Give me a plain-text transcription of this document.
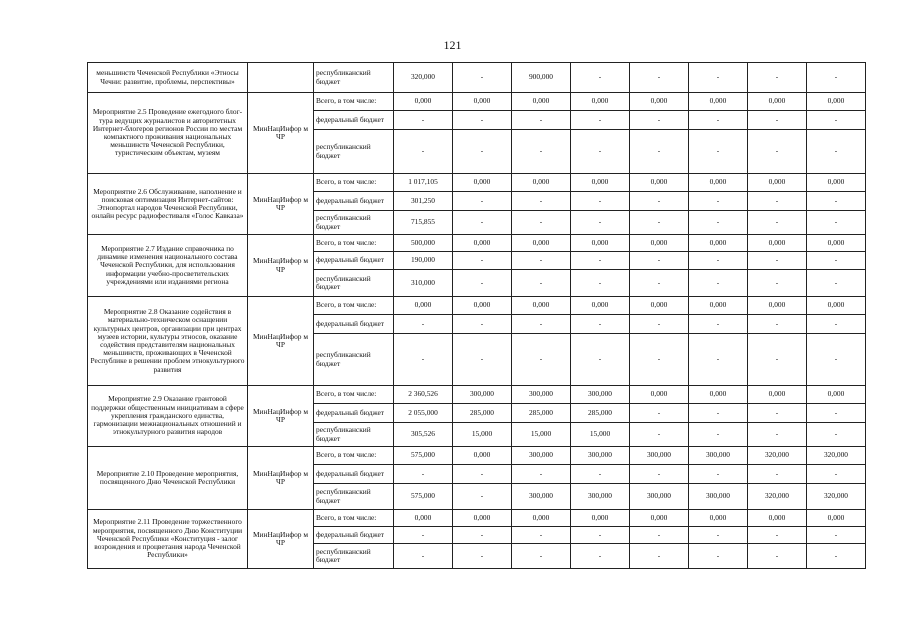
121
меньшинств Чеченской Республики «Этносы Чечни: развитие, проблемы, перспективы»		республиканский бюджет	320,000	-	900,000	-	-	-	-	-
Мероприятие 2.5 Проведение ежегодного блог-тура ведущих журналистов и авторитетных Интернет-блогеров регионов России по местам компактного проживания национальных меньшинств Чеченской Республики, туристическим объектам, музеям	МинНацИнфор м ЧР	Всего, в том числе:	0,000	0,000	0,000	0,000	0,000	0,000	0,000	0,000
		федеральный бюджет	-	-	-	-	-	-	-	-
		республиканский бюджет	-	-	-	-	-	-	-	-
Мероприятие 2.6 Обслуживание, наполнение и поисковая оптимизация Интернет-сайтов: Этнопортал народов Чеченской Республики, онлайн ресурс радиофестиваля «Голос Кавказа»	МинНацИнфор м ЧР	Всего, в том числе:	1 017,105	0,000	0,000	0,000	0,000	0,000	0,000	0,000
		федеральный бюджет	301,250	-	-	-	-	-	-	-
		республиканский бюджет	715,855	-	-	-	-	-	-	-
Мероприятие 2.7 Издание справочника по динамике изменения национального состава Чеченской Республики, для использования информации учебно-просветительских учреждениями или изданиями региона	МинНацИнфор м ЧР	Всего, в том числе:	500,000	0,000	0,000	0,000	0,000	0,000	0,000	0,000
		федеральный бюджет	190,000	-	-	-	-	-	-	-
		республиканский бюджет	310,000	-	-	-	-	-	-	-
Мероприятие 2.8 Оказание содействия в материально-техническом оснащении культурных центров, организации при центрах музеев истории, культуры этносов, оказание содействия представителям национальных меньшинств, проживающих в Чеченской Республике в решении проблем этнокультурного развития	МинНацИнфор м ЧР	Всего, в том числе:	0,000	0,000	0,000	0,000	0,000	0,000	0,000	0,000
		федеральный бюджет	-	-	-	-	-	-	-	-
		республиканский бюджет	-	-	-	-	-	-	-	-
Мероприятие 2.9 Оказание грантовой поддержки общественным инициативам в сфере укрепления гражданского единства, гармонизации межнациональных отношений и этнокультурного развития народов	МинНацИнфор м ЧР	Всего, в том числе:	2 360,526	300,000	300,000	300,000	0,000	0,000	0,000	0,000
		федеральный бюджет	2 055,000	285,000	285,000	285,000	-	-	-	-
		республиканский бюджет	305,526	15,000	15,000	15,000	-	-	-	-
Мероприятие 2.10 Проведение мероприятия, посвященного Дню Чеченской Республики	МинНацИнфор м ЧР	Всего, в том числе:	575,000	0,000	300,000	300,000	300,000	300,000	320,000	320,000
		федеральный бюджет	-	-	-	-	-	-	-	-
		республиканский бюджет	575,000	-	300,000	300,000	300,000	300,000	320,000	320,000
Мероприятие 2.11 Проведение торжественного мероприятия, посвященного Дню Конституции Чеченской Республики «Конституция - залог возрождения и процветания народа Чеченской Республики»	МинНацИнфор м ЧР	Всего, в том числе:	0,000	0,000	0,000	0,000	0,000	0,000	0,000	0,000
		федеральный бюджет	-	-	-	-	-	-	-	-
		республиканский бюджет	-	-	-	-	-	-	-	-
